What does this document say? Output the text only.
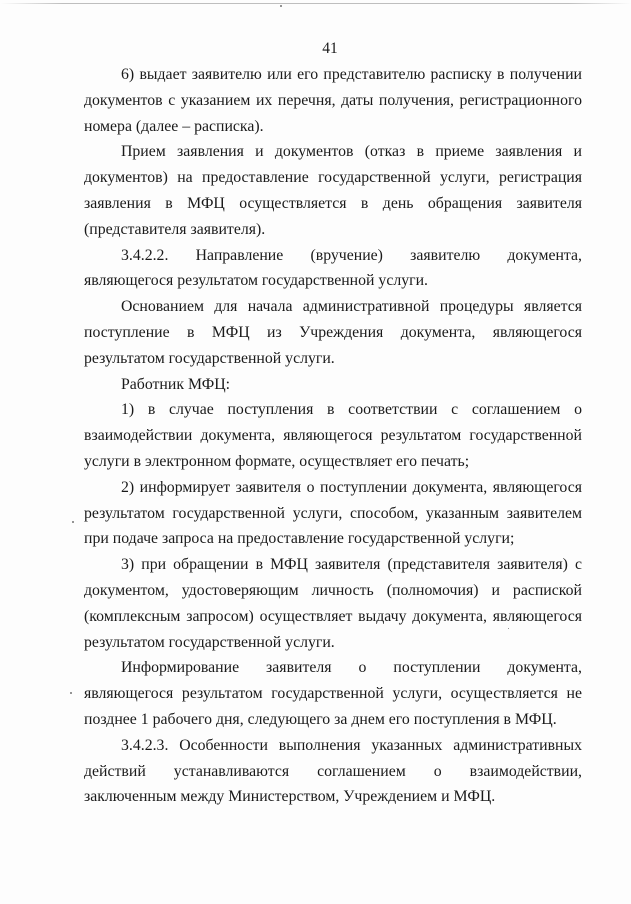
41

6) выдает заявителю или его представителю расписку в получении документов с указанием их перечня, даты получения, регистрационного номера (далее – расписка).

Прием заявления и документов (отказ в приеме заявления и документов) на предоставление государственной услуги, регистрация заявления в МФЦ осуществляется в день обращения заявителя (представителя заявителя).

3.4.2.2. Направление (вручение) заявителю документа, являющегося результатом государственной услуги.

Основанием для начала административной процедуры является поступление в МФЦ из Учреждения документа, являющегося результатом государственной услуги.

Работник МФЦ:

1) в случае поступления в соответствии с соглашением о взаимодействии документа, являющегося результатом государственной услуги в электронном формате, осуществляет его печать;

2) информирует заявителя о поступлении документа, являющегося результатом государственной услуги, способом, указанным заявителем при подаче запроса на предоставление государственной услуги;

3) при обращении в МФЦ заявителя (представителя заявителя) с документом, удостоверяющим личность (полномочия) и распиской (комплексным запросом) осуществляет выдачу документа, являющегося результатом государственной услуги.

Информирование заявителя о поступлении документа, являющегося результатом государственной услуги, осуществляется не позднее 1 рабочего дня, следующего за днем его поступления в МФЦ.

3.4.2.3. Особенности выполнения указанных административных действий устанавливаются соглашением о взаимодействии, заключенным между Министерством, Учреждением и МФЦ.
